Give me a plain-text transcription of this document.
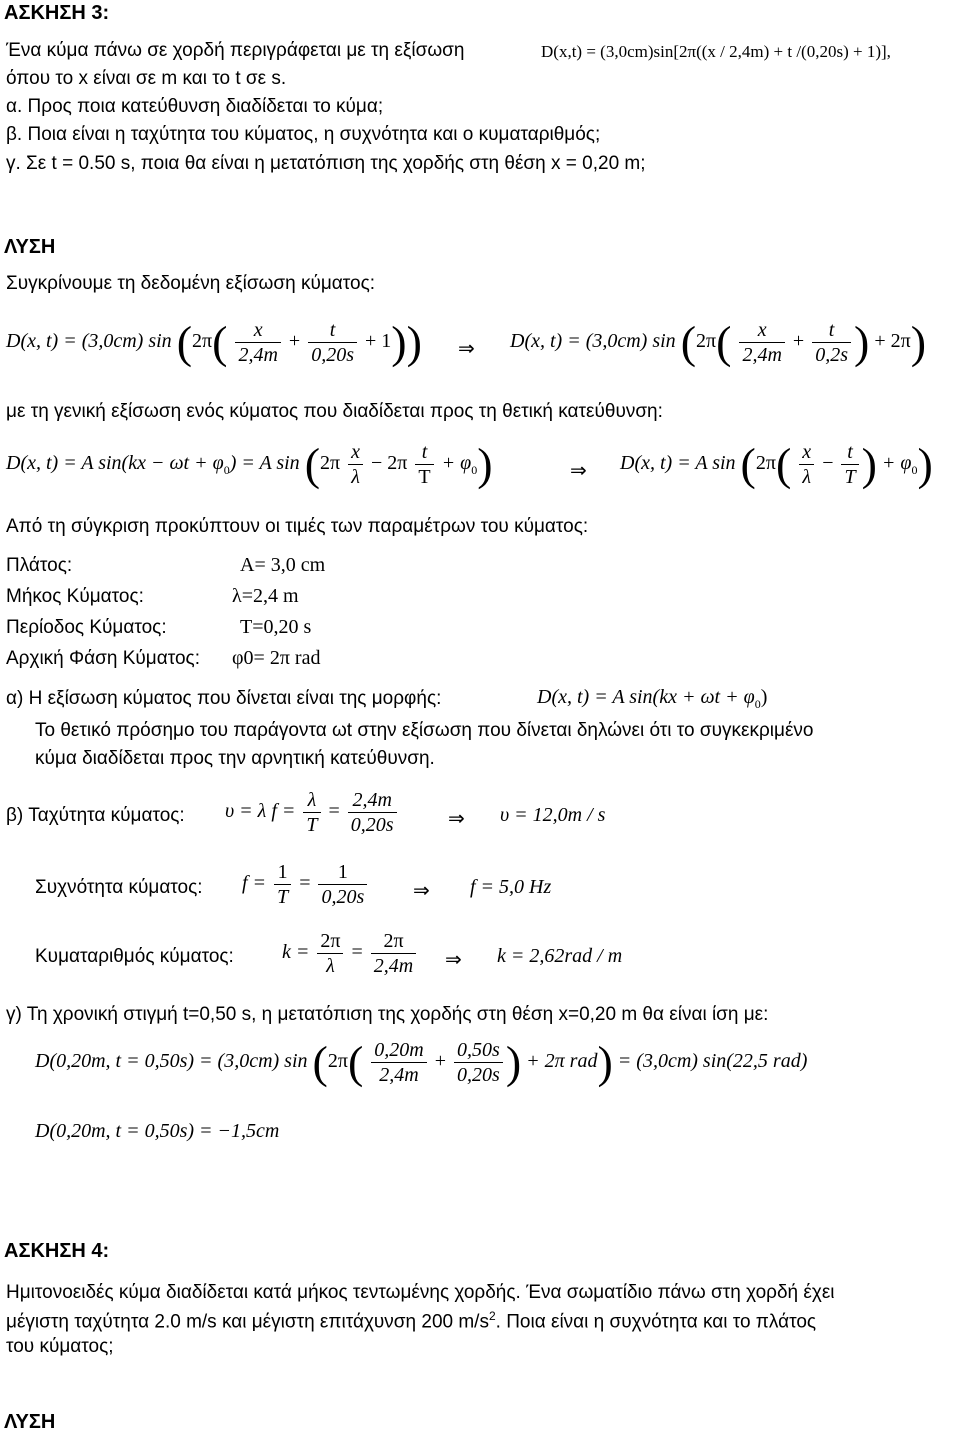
ΑΣΚΗΣΗ 3:
Ένα κύμα πάνω σε χορδή περιγράφεται με τη εξίσωση	D(x,t) = (3,0cm)sin[2π((x / 2,4m) + t /(0,20s) + 1)],
όπου το x είναι σε m και το t σε s.
α. Προς ποια κατεύθυνση διαδίδεται το κύμα;
β. Ποια είναι η ταχύτητα του κύματος, η συχνότητα και ο κυματαριθμός;
γ. Σε t = 0.50 s, ποια θα είναι η μετατόπιση της χορδής στη θέση x = 0,20 m;
ΛΥΣΗ
Συγκρίνουμε τη δεδομένη εξίσωση κύματος:
D(x, t) = (3,0cm) $\sin (2\pi( \frac{x}{2,4m} + \frac{t}{0,20s} + 1))$ ⇒ D(x, t) = (3,0cm) $\sin (2\pi( \frac{x}{2,4m} + \frac{t}{0,2s}$ ) + 2π)
με τη γενική εξίσωση ενός κύματος που διαδίδεται προς τη θετική κατεύθυνση:
D(x, t) = A $\sin(kx - \omega t + \varphi_0) = A$ $\sin (2\pi \frac{x}{\lambda} - 2\pi \frac{t}{T} + \varphi_0)$	⇒ D(x, t) = A $\sin (2\pi( \frac{x}{\lambda} - \frac{t}{T}$ ) + $\varphi_0$)
Από τη σύγκριση προκύπτουν οι τιμές των παραμέτρων του κύματος:
Πλάτος:	A= 3,0 cm
Μήκος Κύματος:	λ=2,4 m
Περίοδος Κύματος:	T=0,20 s
Αρχική Φάση Κύματος: φ0= 2π rad
α) Η εξίσωση κύματος που δίνεται είναι της μορφής:	D(x, t) = A $\sin(kx + \omega t + \varphi_0)$
Το θετικό πρόσημο του παράγοντα ωt στην εξίσωση που δίνεται δηλώνει ότι το συγκεκριμένο
κύμα διαδίδεται προς την αρνητική κατεύθυνση.
β) Ταχύτητα κύματος: υ = λ $f = \frac{\lambda}{T} = \frac{2,4m}{0,20s}$	⇒ υ = 12,0m / s
Συχνότητα κύματος: $f = \frac{1}{T} = \frac{1}{0,20s}$ ⇒ f = 5,0 Hz
Κυματαριθμός κύματος: $k = \frac{2\pi}{\lambda} = \frac{2\pi}{2,4m}$ ⇒ k = 2,62rad / m
γ) Τη χρονική στιγμή t=0,50 s, η μετατόπιση της χορδής στη θέση x=0,20 m θα είναι ίση με:
D(0,20m, t = 0,50s) = (3,0cm) $\sin (2\pi( \frac{0,20m}{2,4m} + \frac{0,50s}{0,20s}$ ) + 2π rad) = (3,0cm) sin(22,5 rad)
D(0,20m, t = 0,50s) = −1,5cm
ΑΣΚΗΣΗ 4:
Ημιτονοειδές κύμα διαδίδεται κατά μήκος τεντωμένης χορδής. Ένα σωματίδιο πάνω στη χορδή έχει
μέγιστη ταχύτητα 2.0 m/s και μέγιστη επιτάχυνση 200 $m/s^2$. Ποια είναι η συχνότητα και το πλάτος
του κύματος;
ΛΥΣΗ
